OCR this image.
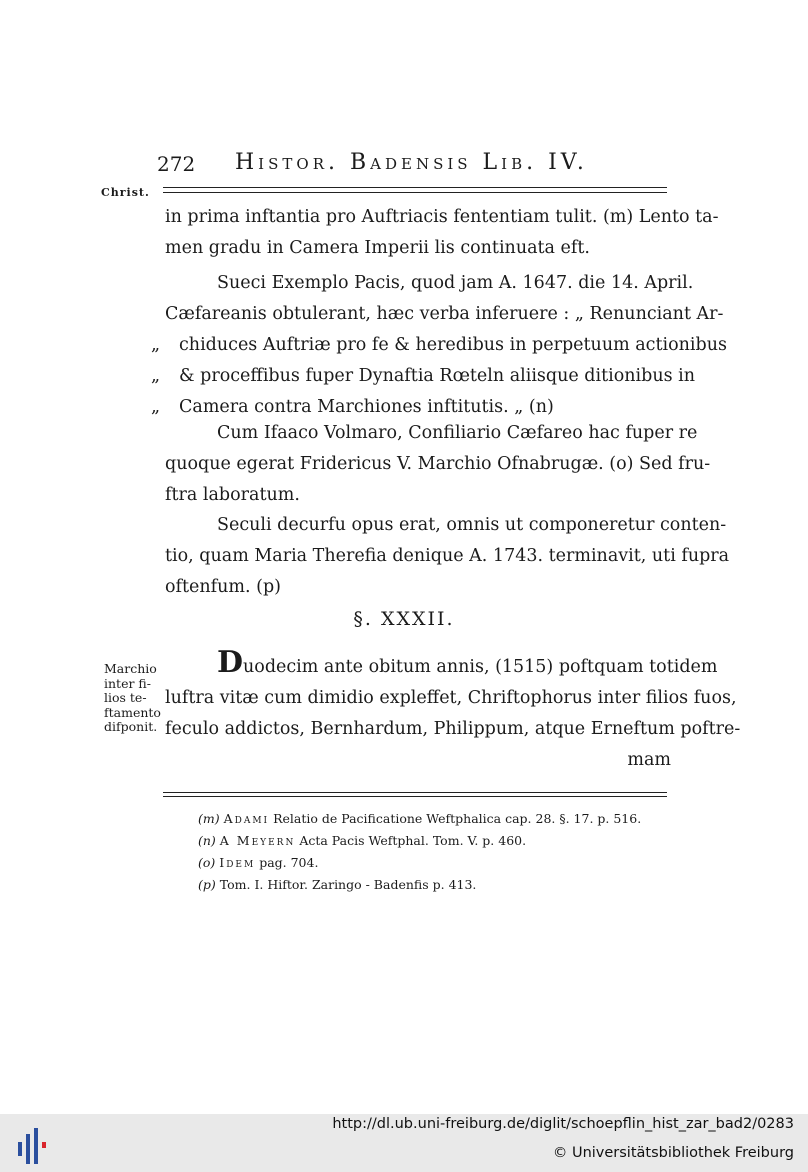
272 Histor. Badensis Lib. IV.
Christ.
in prima inftantia pro Auftriacis fententiam tulit. (m) Lento ta-
men gradu in Camera Imperii lis continuata eft.
Sueci Exemplo Pacis, quod jam A. 1647. die 14. April.
Cæfareanis obtulerant, hæc verba inferuere : „ Renunciant Ar-
„	chiduces Auftriæ pro fe & heredibus in perpetuum actionibus
„	& proceffibus fuper Dynaftia Rœteln aliisque ditionibus in
„	Camera contra Marchiones inftitutis. „ (n)
Cum Ifaaco Volmaro, Confiliario Cæfareo hac fuper re
quoque egerat Fridericus V. Marchio Ofnabrugæ. (o) Sed fru-
ftra laboratum.
Seculi decurfu opus erat, omnis ut componeretur conten-
tio, quam Maria Therefia denique A. 1743. terminavit, uti fupra
oftenfum. (p)
§. XXXII.
Marchio
inter fi-
lios te-
ftamento
difponit.
Duodecim ante obitum annis, (1515) poftquam totidem
luftra vitæ cum dimidio expleffet, Chriftophorus inter filios fuos,
feculo addictos, Bernhardum, Philippum, atque Erneftum poftre-
mam
(m) Adami Relatio de Pacificatione Weftphalica cap. 28. §. 17. p. 516.
(n) A Meyern Acta Pacis Weftphal. Tom. V. p. 460.
(o) Idem pag. 704.
(p) Tom. I. Hiftor. Zaringo - Badenfis p. 413.
http://dl.ub.uni-freiburg.de/diglit/schoepflin_hist_zar_bad2/0283
© Universitätsbibliothek Freiburg
